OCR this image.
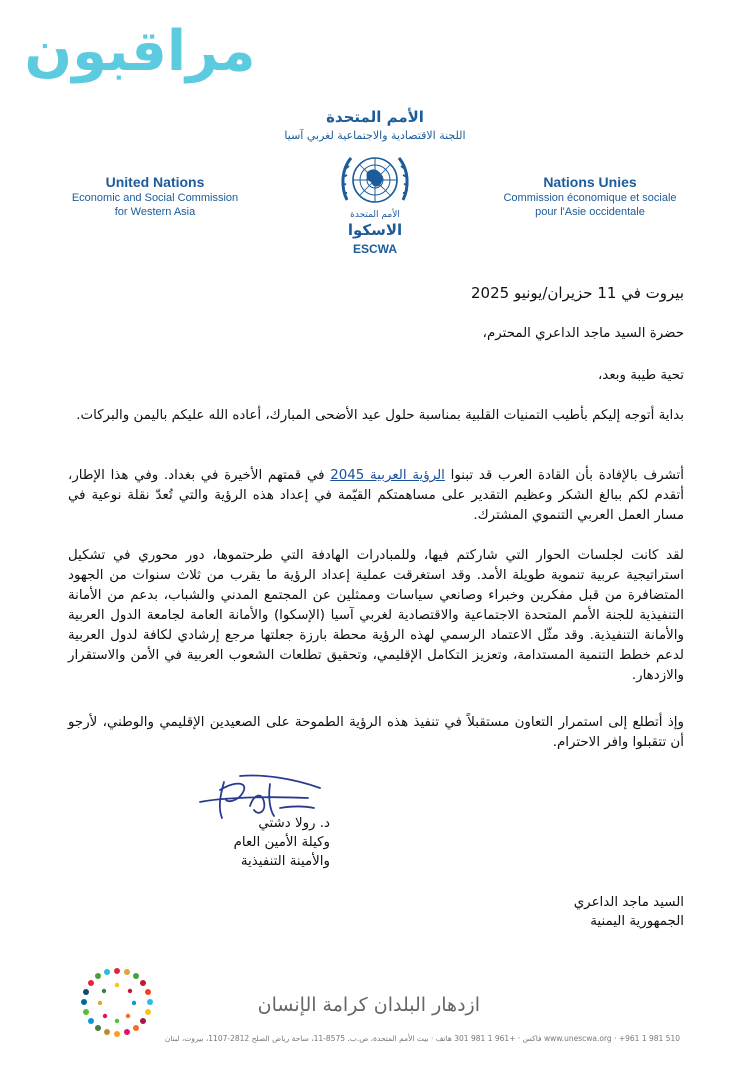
مراقبون
الأمم المتحدة
اللجنة الاقتصادية والاجتماعية لغربي آسيا
United Nations
Economic and Social Commission
for Western Asia
Nations Unies
Commission économique et sociale
pour l'Asie occidentale
الأمم المتحدة
الاسكوا
ESCWA
بيروت في 11 حزيران/يونيو 2025
حضرة السيد ماجد الداعري المحترم،
تحية طيبة وبعد،
بداية أتوجه إليكم بأطيب التمنيات القلبية بمناسبة حلول عيد الأضحى المبارك، أعاده الله عليكم باليمن والبركات.
أتشرف بالإفادة بأن القادة العرب قد تبنوا الرؤية العربية 2045 في قمتهم الأخيرة في بغداد. وفي هذا الإطار، أتقدم لكم ببالغ الشكر وعظيم التقدير على مساهمتكم القيّمة في إعداد هذه الرؤية والتي تُعدّ نقلة نوعية في مسار العمل العربي التنموي المشترك.
لقد كانت لجلسات الحوار التي شاركتم فيها، وللمبادرات الهادفة التي طرحتموها، دور محوري في تشكيل استراتيجية عربية تنموية طويلة الأمد. وقد استغرقت عملية إعداد الرؤية ما يقرب من ثلاث سنوات من الجهود المتضافرة من قبل مفكرين وخبراء وصانعي سياسات وممثلين عن المجتمع المدني والشباب، بدعم من الأمانة التنفيذية للجنة الأمم المتحدة الاجتماعية والاقتصادية لغربي آسيا (الإسكوا) والأمانة العامة لجامعة الدول العربية والأمانة التنفيذية. وقد مثّل الاعتماد الرسمي لهذه الرؤية محطة بارزة جعلتها مرجع إرشادي لكافة لدول العربية لدعم خطط التنمية المستدامة، وتعزيز التكامل الإقليمي، وتحقيق تطلعات الشعوب العربية في الأمن والاستقرار والازدهار.
وإذ أتطلع إلى استمرار التعاون مستقبلاً في تنفيذ هذه الرؤية الطموحة على الصعيدين الإقليمي والوطني، لأرجو أن تتقبلوا وافر الاحترام.
د. رولا دشتي
وكيلة الأمين العام
والأمينة التنفيذية
السيد ماجد الداعري
الجمهورية اليمنية
ازدهار البلدان كرامة الإنسان
www.unescwa.org · +961 1 981 510 فاكس · +961 1 981 301 هاتف · بيت الأمم المتحدة، ص.ب. 8575-11، ساحة رياض الصلح 2812-1107، بيروت، لبنان
